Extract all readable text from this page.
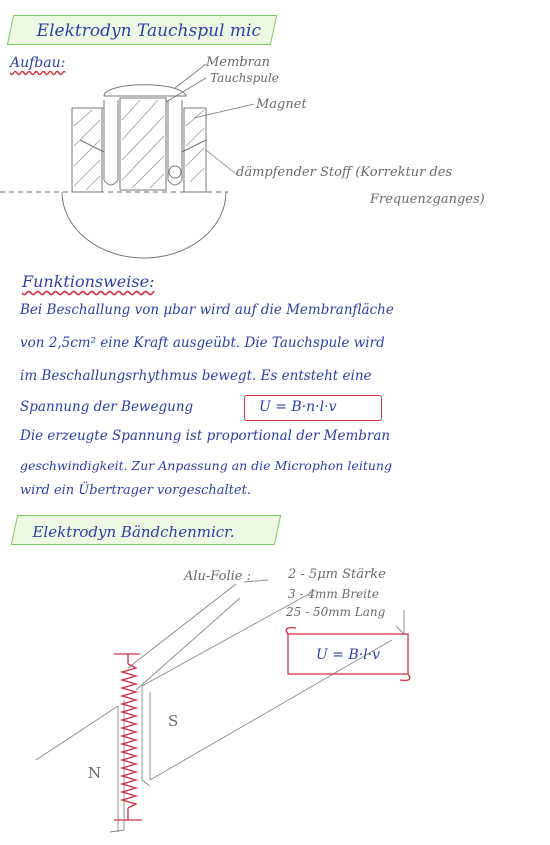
Elektrodyn Tauchspul mic
Aufbau:	Membran
Tauchspule
Magnet
dämpfender Stoff (Korrektur des
Frequenzganges)
Funktionsweise:
Bei Beschallung von μbar wird auf die Membranfläche
von 2,5cm² eine Kraft ausgeübt. Die Tauchspule wird
im Beschallungsrhythmus bewegt. Es entsteht eine
Spannung der Bewegung	U = B·n·l·v
Die erzeugte Spannung ist proportional der Membran
geschwindigkeit. Zur Anpassung an die Microphon leitung
wird ein Übertrager vorgeschaltet.
Elektrodyn Bändchenmicr.
Alu-Folie :	2 - 5μm Stärke
3 - 4mm Breite
25 - 50mm Lang
U = B·l·v
S
N
